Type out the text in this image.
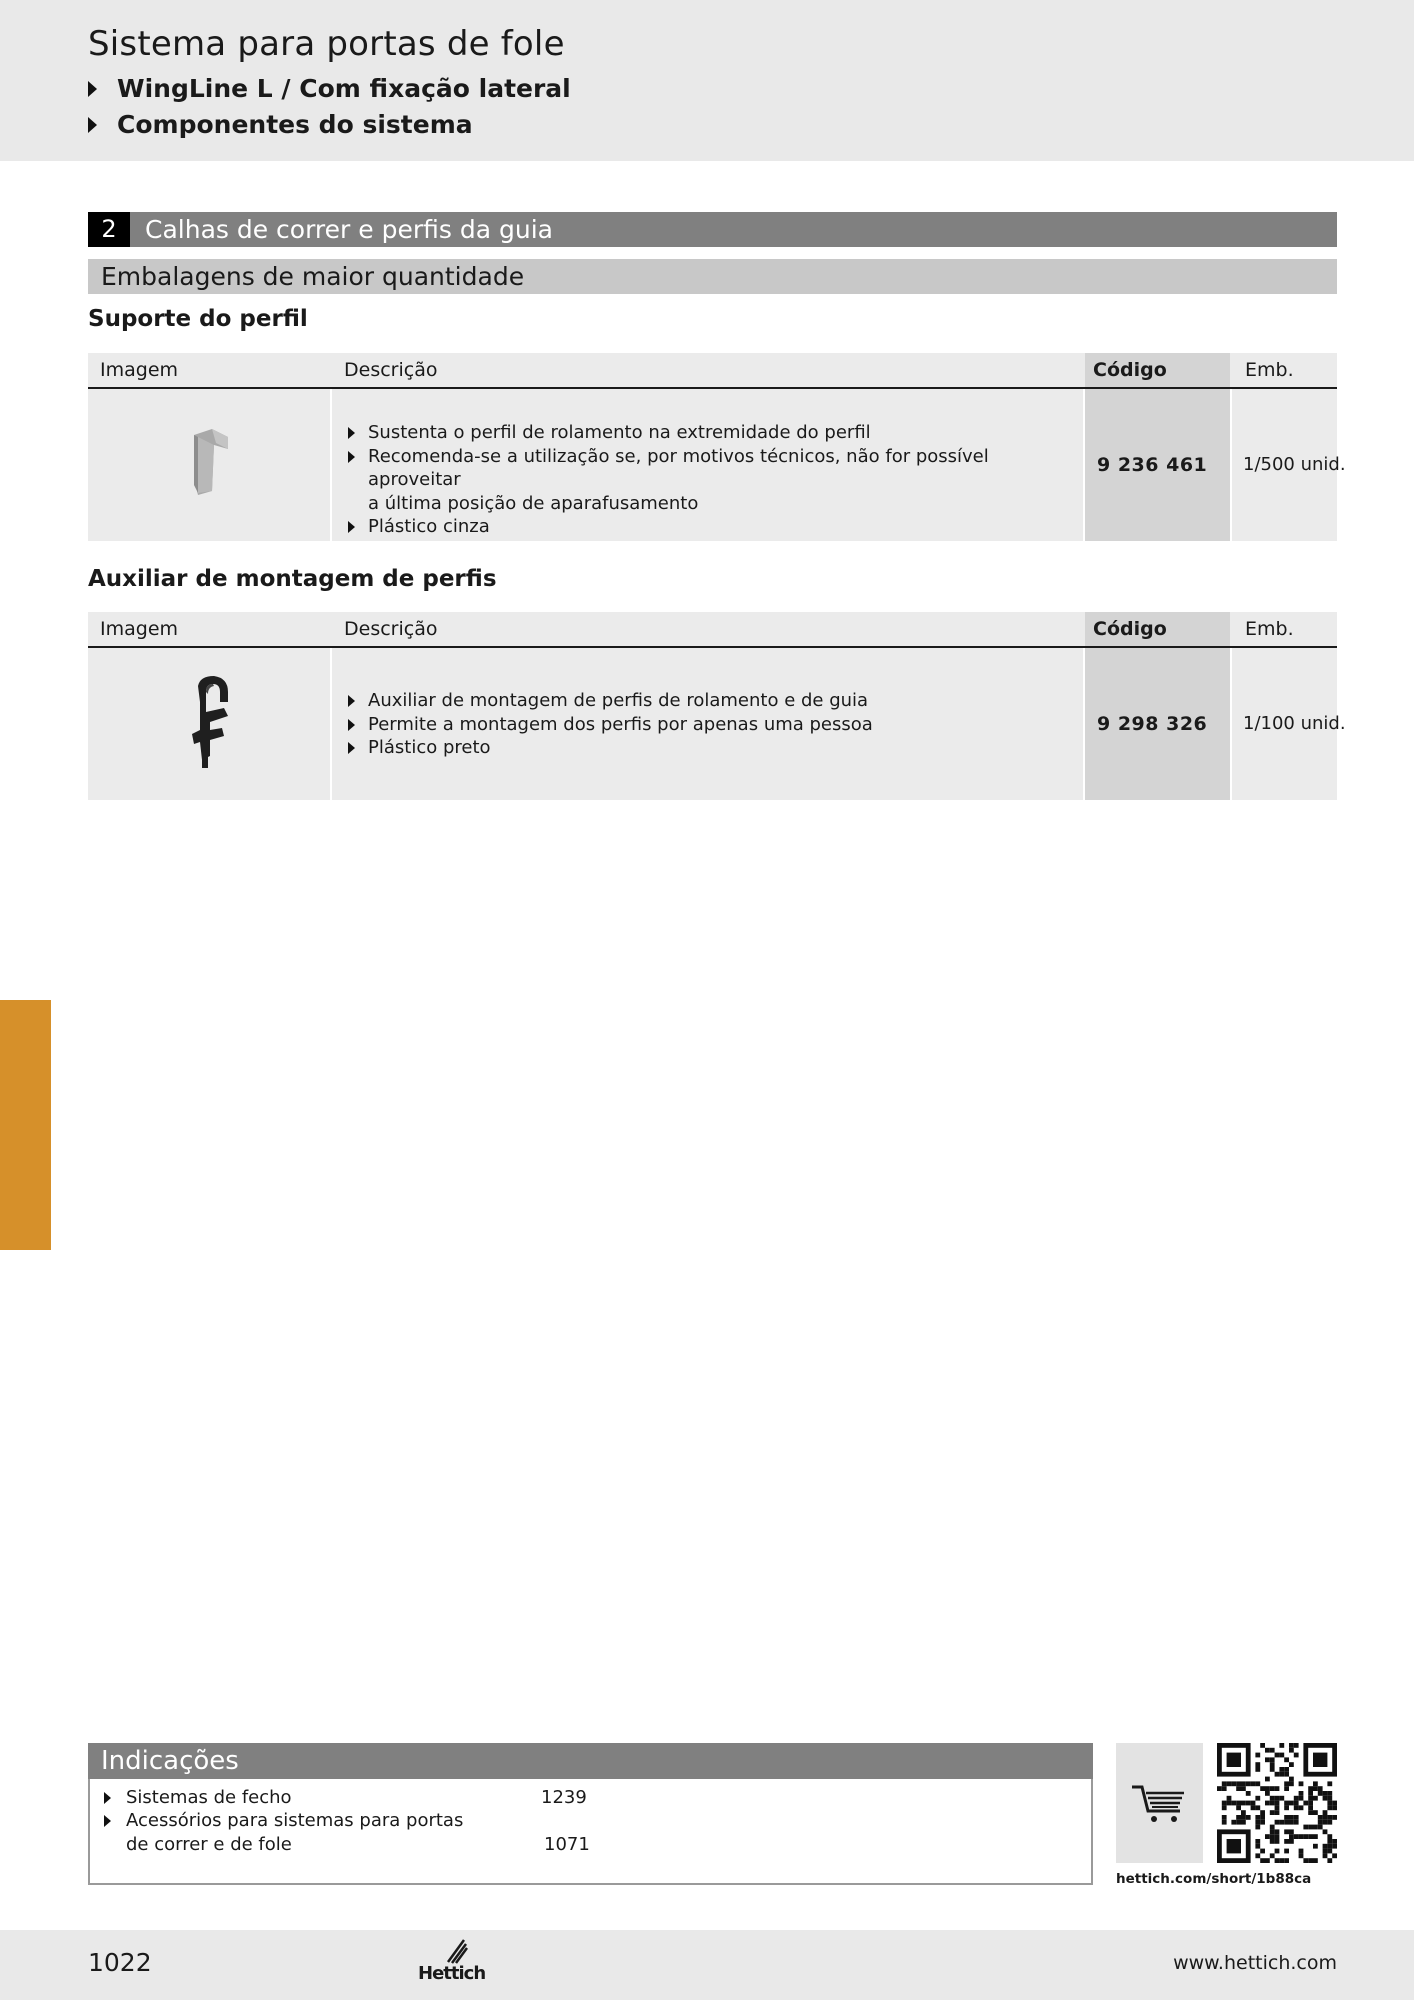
Sistema para portas de fole
WingLine L / Com fixação lateral
Componentes do sistema
2	Calhas de correr e perfis da guia
Embalagens de maior quantidade
Suporte do perfil
Imagem	Descrição	Código	Emb.
Sustenta o perfil de rolamento na extremidade do perfil
Recomenda-se a utilização se, por motivos técnicos, não for possível aproveitar
a última posição de aparafusamento
Plástico cinza
9 236 461 1/500 unid.
Auxiliar de montagem de perfis
Imagem	Descrição	Código	Emb.
Auxiliar de montagem de perfis de rolamento e de guia
Permite a montagem dos perfis por apenas uma pessoa
Plástico preto
9 298 326 1/100 unid.
Indicações
Sistemas de fecho	1239
Acessórios para sistemas para portas
de correr e de fole	1071
hettich.com/short/1b88ca
1022	Hettich	www.hettich.com
